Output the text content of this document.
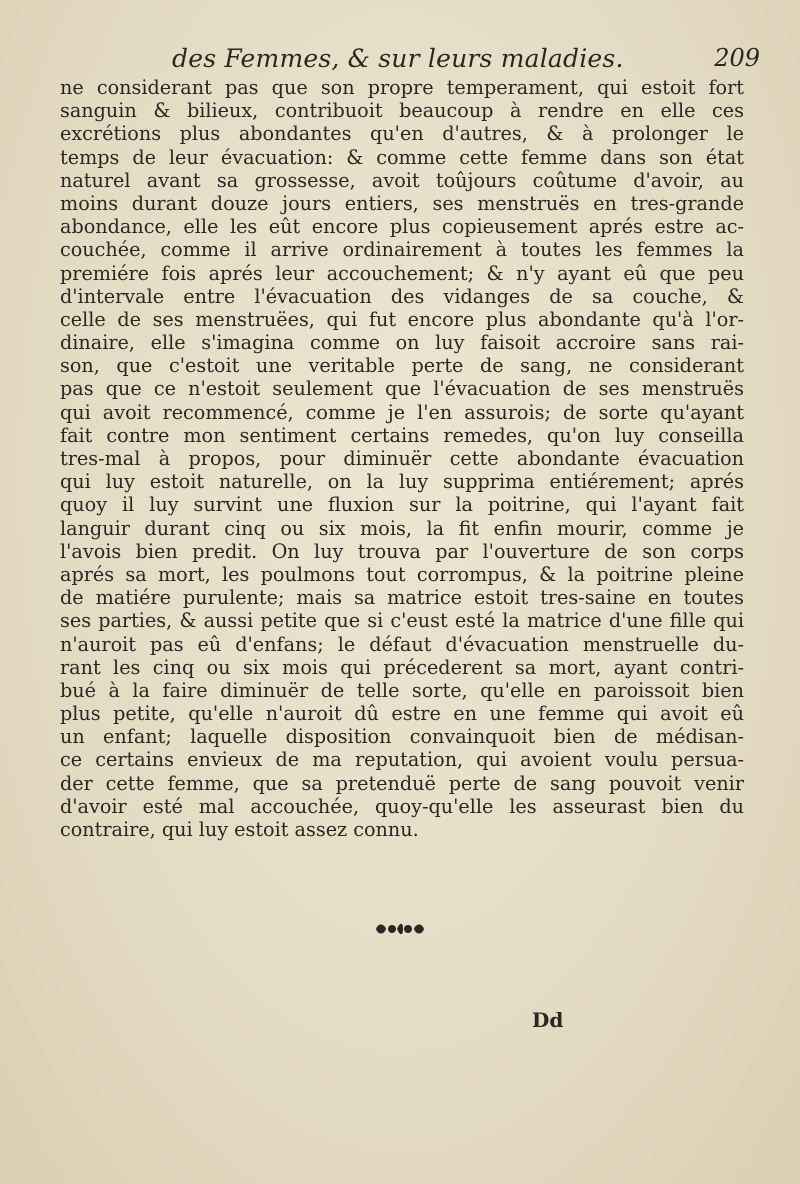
des Femmes, & sur leurs maladies.	209
ne considerant pas que son propre temperament, qui estoit fort
sanguin & bilieux, contribuoit beaucoup à rendre en elle ces
excrétions plus abondantes qu'en d'autres, & à prolonger le
temps de leur évacuation: & comme cette femme dans son état
naturel avant sa grossesse, avoit toûjours coûtume d'avoir, au
moins durant douze jours entiers, ses menstruës en tres-grande
abondance, elle les eût encore plus copieusement aprés estre ac-
couchée, comme il arrive ordinairement à toutes les femmes la
premiére fois aprés leur accouchement; & n'y ayant eû que peu
d'intervale entre l'évacuation des vidanges de sa couche, &
celle de ses menstruëes, qui fut encore plus abondante qu'à l'or-
dinaire, elle s'imagina comme on luy faisoit accroire sans rai-
son, que c'estoit une veritable perte de sang, ne considerant
pas que ce n'estoit seulement que l'évacuation de ses menstruës
qui avoit recommencé, comme je l'en assurois; de sorte qu'ayant
fait contre mon sentiment certains remedes, qu'on luy conseilla
tres-mal à propos, pour diminuër cette abondante évacuation
qui luy estoit naturelle, on la luy supprima entiérement; aprés
quoy il luy survint une fluxion sur la poitrine, qui l'ayant fait
languir durant cinq ou six mois, la fit enfin mourir, comme je
l'avois bien predit. On luy trouva par l'ouverture de son corps
aprés sa mort, les poulmons tout corrompus, & la poitrine pleine
de matiére purulente; mais sa matrice estoit tres-saine en toutes
ses parties, & aussi petite que si c'eust esté la matrice d'une fille qui
n'auroit pas eû d'enfans; le défaut d'évacuation menstruelle du-
rant les cinq ou six mois qui précederent sa mort, ayant contri-
bué à la faire diminuër de telle sorte, qu'elle en paroissoit bien
plus petite, qu'elle n'auroit dû estre en une femme qui avoit eû
un enfant; laquelle disposition convainquoit bien de médisan-
ce certains envieux de ma reputation, qui avoient voulu persua-
der cette femme, que sa pretenduë perte de sang pouvoit venir
d'avoir esté mal accouchée, quoy-qu'elle les asseurast bien du
contraire, qui luy estoit assez connu.
Dd
